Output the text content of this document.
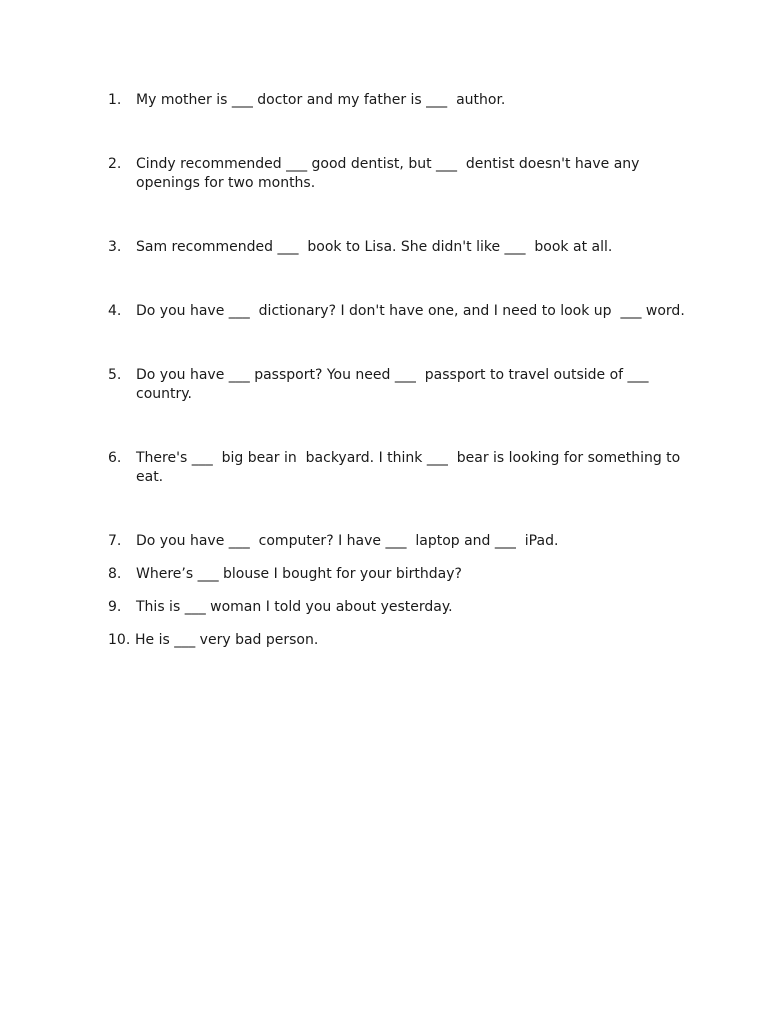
1.	My mother is ___ doctor and my father is ___  author.
2.	Cindy recommended ___ good dentist, but ___  dentist doesn't have any openings for two months.
3.	Sam recommended ___  book to Lisa. She didn't like ___  book at all.
4.	Do you have ___  dictionary? I don't have one, and I need to look up  ___ word.
5.	Do you have ___ passport? You need ___  passport to travel outside of ___ country.
6.	There's ___  big bear in  backyard. I think ___  bear is looking for something to eat.
7.	Do you have ___  computer? I have ___  laptop and ___  iPad.
8.	Where’s ___ blouse I bought for your birthday?
9.	This is ___ woman I told you about yesterday.
10. He is ___ very bad person.
